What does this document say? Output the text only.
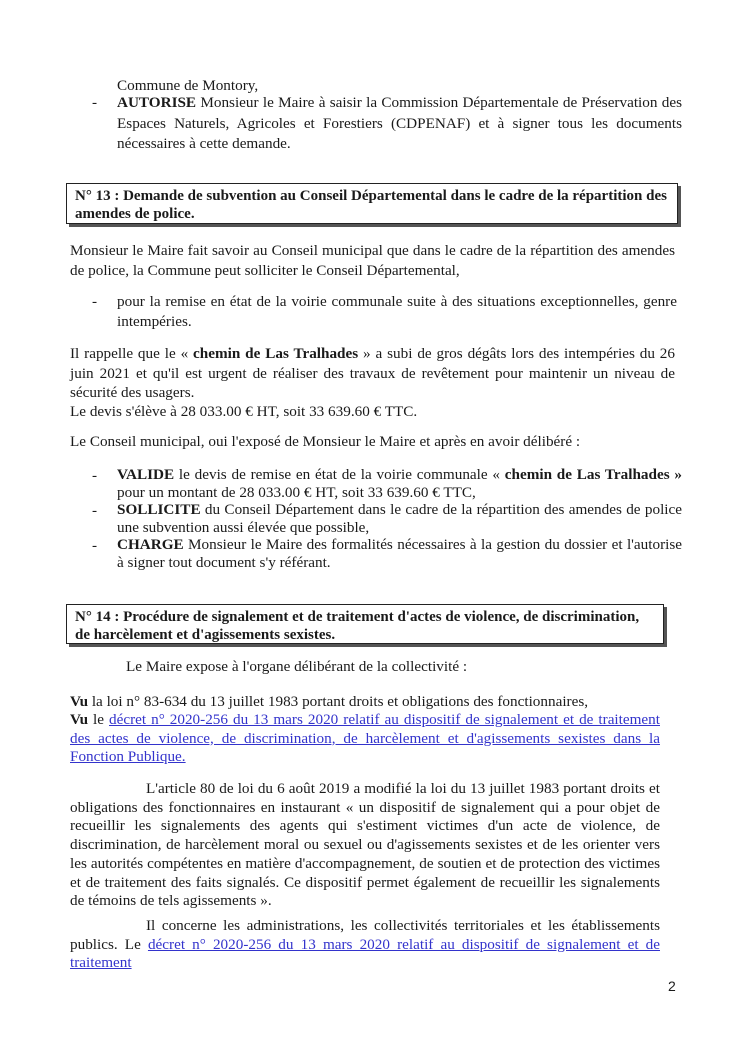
Commune de Montory,

- AUTORISE Monsieur le Maire à saisir la Commission Départementale de Préservation des Espaces Naturels, Agricoles et Forestiers (CDPENAF) et à signer tous les documents nécessaires à cette demande.

N° 13 : Demande de subvention au Conseil Départemental dans le cadre de la répartition des amendes de police.

Monsieur le Maire fait savoir au Conseil municipal que dans le cadre de la répartition des amendes de police, la Commune peut solliciter le Conseil Départemental,

- pour la remise en état de la voirie communale suite à des situations exceptionnelles, genre intempéries.

Il rappelle que le « chemin de Las Tralhades » a subi de gros dégâts lors des intempéries du 26 juin 2021 et qu'il est urgent de réaliser des travaux de revêtement pour maintenir un niveau de sécurité des usagers.

Le devis s'élève à 28 033.00 € HT, soit 33 639.60 € TTC.

Le Conseil municipal, oui l'exposé de Monsieur le Maire et après en avoir délibéré :

- VALIDE le devis de remise en état de la voirie communale « chemin de Las Tralhades » pour un montant de 28 033.00 € HT, soit 33 639.60 € TTC,

- SOLLICITE du Conseil Département dans le cadre de la répartition des amendes de police une subvention aussi élevée que possible,

- CHARGE Monsieur le Maire des formalités nécessaires à la gestion du dossier et l'autorise à signer tout document s'y référant.

N° 14 : Procédure de signalement et de traitement d'actes de violence, de discrimination, de harcèlement et d'agissements sexistes.

Le Maire expose à l'organe délibérant de la collectivité :

Vu la loi n° 83-634 du 13 juillet 1983 portant droits et obligations des fonctionnaires,

Vu le décret n° 2020-256 du 13 mars 2020 relatif au dispositif de signalement et de traitement des actes de violence, de discrimination, de harcèlement et d'agissements sexistes dans la Fonction Publique.

L'article 80 de loi du 6 août 2019 a modifié la loi du 13 juillet 1983 portant droits et obligations des fonctionnaires en instaurant « un dispositif de signalement qui a pour objet de recueillir les signalements des agents qui s'estiment victimes d'un acte de violence, de discrimination, de harcèlement moral ou sexuel ou d'agissements sexistes et de les orienter vers les autorités compétentes en matière d'accompagnement, de soutien et de protection des victimes et de traitement des faits signalés. Ce dispositif permet également de recueillir les signalements de témoins de tels agissements ».

Il concerne les administrations, les collectivités territoriales et les établissements publics. Le décret n° 2020-256 du 13 mars 2020 relatif au dispositif de signalement et de traitement

2
